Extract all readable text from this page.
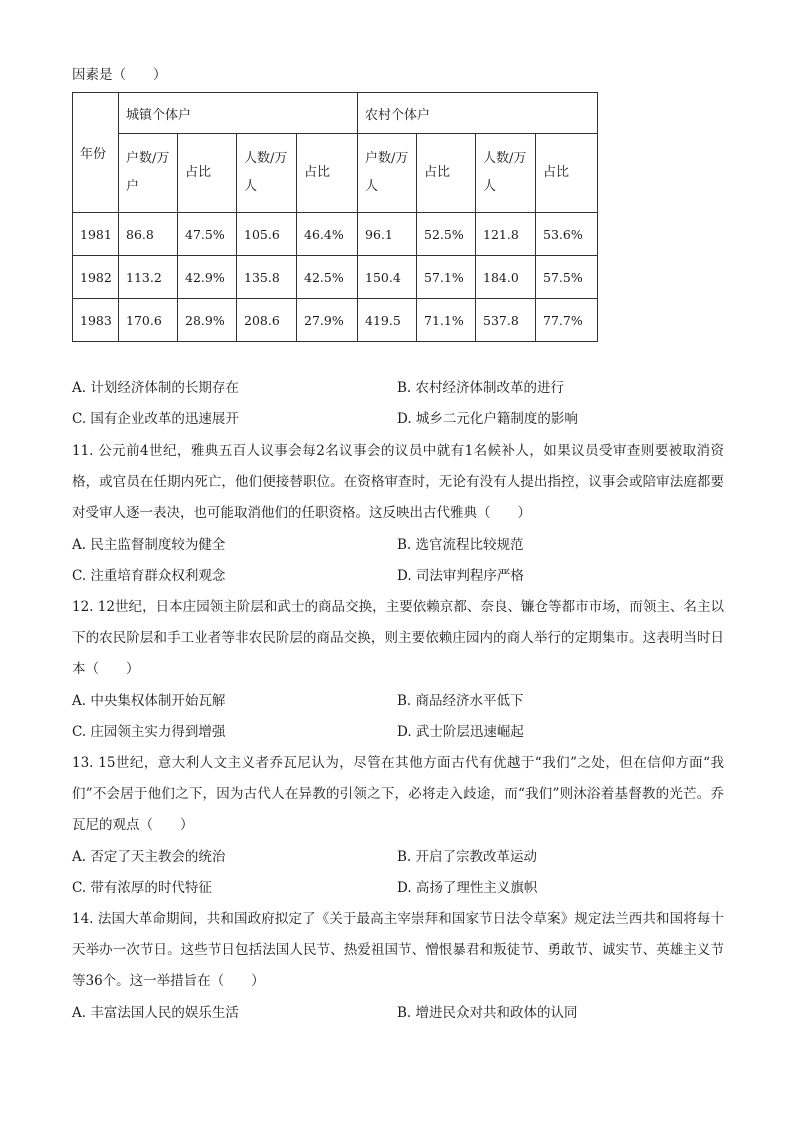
因素是（　　）
年份	城镇个体户				农村个体户			
	户数/万户	占比	人数/万人	占比	户数/万人	占比	人数/万人	占比
1981	86.8	47.5%	105.6	46.4%	96.1	52.5%	121.8	53.6%
1982	113.2	42.9%	135.8	42.5%	150.4	57.1%	184.0	57.5%
1983	170.6	28.9%	208.6	27.9%	419.5	71.1%	537.8	77.7%
A. 计划经济体制的长期存在	B. 农村经济体制改革的进行
C. 国有企业改革的迅速展开	D. 城乡二元化户籍制度的影响
11. 公元前4世纪，雅典五百人议事会每2名议事会的议员中就有1名候补人，如果议员受审查则要被取消资格，或官员在任期内死亡，他们便接替职位。在资格审查时，无论有没有人提出指控，议事会或陪审法庭都要对受审人逐一表决，也可能取消他们的任职资格。这反映出古代雅典（　　）
A. 民主监督制度较为健全	B. 选官流程比较规范
C. 注重培育群众权利观念	D. 司法审判程序严格
12. 12世纪，日本庄园领主阶层和武士的商品交换，主要依赖京都、奈良、镰仓等都市市场，而领主、名主以下的农民阶层和手工业者等非农民阶层的商品交换，则主要依赖庄园内的商人举行的定期集市。这表明当时日本（　　）
A. 中央集权体制开始瓦解	B. 商品经济水平低下
C. 庄园领主实力得到增强	D. 武士阶层迅速崛起
13. 15世纪，意大利人文主义者乔瓦尼认为，尽管在其他方面古代有优越于“我们”之处，但在信仰方面“我们”不会居于他们之下，因为古代人在异教的引领之下，必将走入歧途，而“我们”则沐浴着基督教的光芒。乔瓦尼的观点（　　）
A. 否定了天主教会的统治	B. 开启了宗教改革运动
C. 带有浓厚的时代特征	D. 高扬了理性主义旗帜
14. 法国大革命期间，共和国政府拟定了《关于最高主宰崇拜和国家节日法令草案》规定法兰西共和国将每十天举办一次节日。这些节日包括法国人民节、热爱祖国节、憎恨暴君和叛徒节、勇敢节、诚实节、英雄主义节等36个。这一举措旨在（　　）
A. 丰富法国人民的娱乐生活	B. 增进民众对共和政体的认同
